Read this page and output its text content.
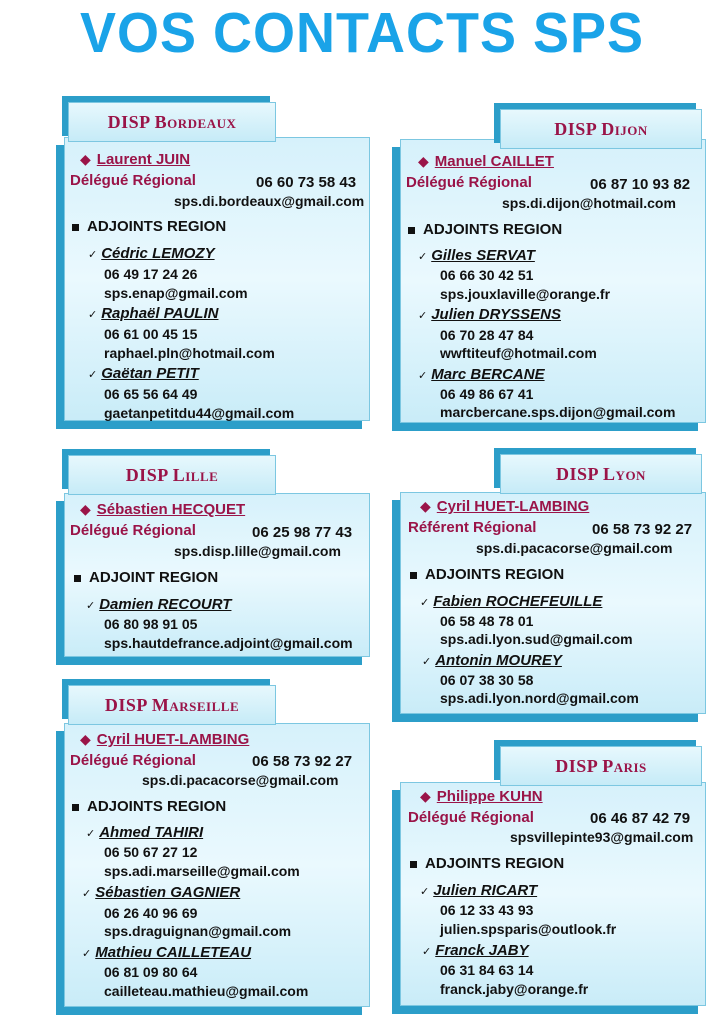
VOS CONTACTS SPS
DISP Bordeaux
◆ Laurent JUIN
Délégué Régional	06 60 73 58 43
sps.di.bordeaux@gmail.com
ADJOINTS REGION
✓ Cédric LEMOZY
06 49 17 24 26
sps.enap@gmail.com
✓ Raphaël PAULIN
06 61 00 45 15
raphael.pln@hotmail.com
✓ Gaëtan PETIT
06 65 56 64 49
gaetanpetitdu44@gmail.com
DISP Dijon
◆ Manuel CAILLET
Délégué Régional	06 87 10 93 82
sps.di.dijon@hotmail.com
ADJOINTS REGION
✓ Gilles SERVAT
06 66 30 42 51
sps.jouxlaville@orange.fr
✓ Julien DRYSSENS
06 70 28 47 84
wwftiteuf@hotmail.com
✓ Marc BERCANE
06 49 86 67 41
marcbercane.sps.dijon@gmail.com
DISP Lille
◆ Sébastien HECQUET
Délégué Régional	06 25 98 77 43
sps.disp.lille@gmail.com
ADJOINT REGION
✓ Damien RECOURT
06 80 98 91 05
sps.hautdefrance.adjoint@gmail.com
DISP Lyon
◆ Cyril HUET-LAMBING
Référent Régional	06 58 73 92 27
sps.di.pacacorse@gmail.com
ADJOINTS REGION
✓ Fabien ROCHEFEUILLE
06 58 48 78 01
sps.adi.lyon.sud@gmail.com
✓ Antonin MOUREY
06 07 38 30 58
sps.adi.lyon.nord@gmail.com
DISP Marseille
◆ Cyril HUET-LAMBING
Délégué Régional	06 58 73 92 27
sps.di.pacacorse@gmail.com
ADJOINTS REGION
✓ Ahmed TAHIRI
06 50 67 27 12
sps.adi.marseille@gmail.com
✓ Sébastien GAGNIER
06 26 40 96 69
sps.draguignan@gmail.com
✓ Mathieu CAILLETEAU
06 81 09 80 64
cailleteau.mathieu@gmail.com
DISP Paris
◆ Philippe KUHN
Délégué Régional	06 46 87 42 79
spsvillepinte93@gmail.com
ADJOINTS REGION
✓ Julien RICART
06 12 33 43 93
julien.spsparis@outlook.fr
✓ Franck JABY
06 31 84 63 14
franck.jaby@orange.fr
